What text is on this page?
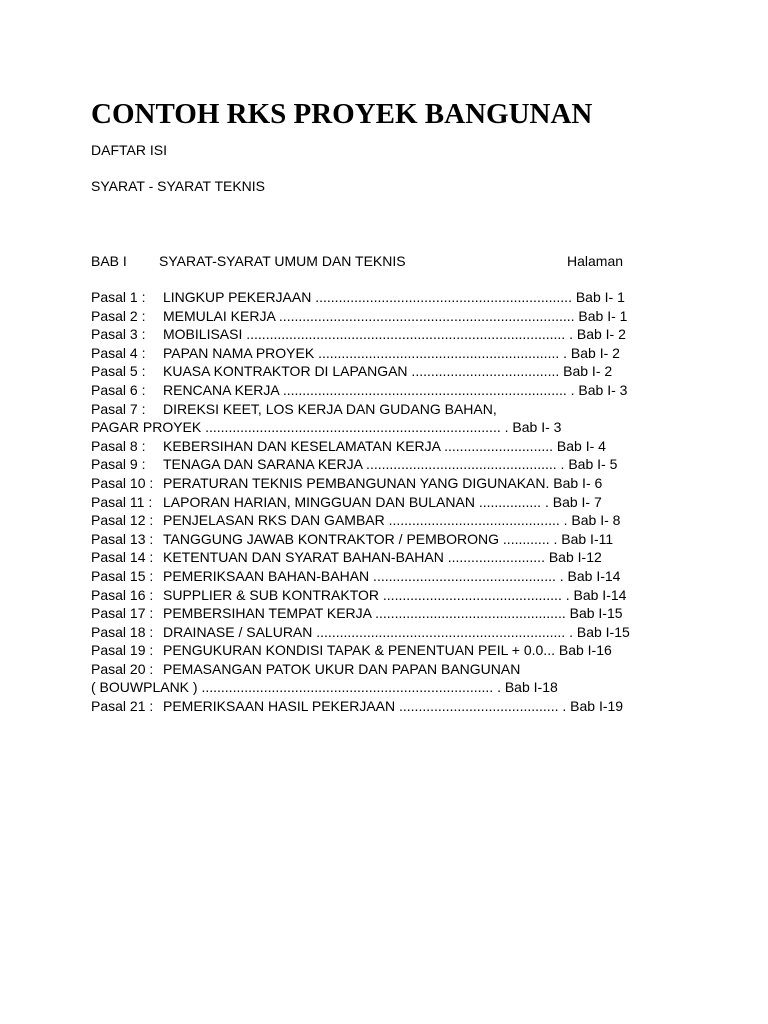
CONTOH RKS PROYEK BANGUNAN
DAFTAR ISI
SYARAT - SYARAT TEKNIS
BAB I SYARAT-SYARAT UMUM DAN TEKNIS	Halaman
Pasal 1 : LINGKUP PEKERJAAN .................................................................. Bab I- 1
Pasal 2 : MEMULAI KERJA ............................................................................ Bab I- 1
Pasal 3 : MOBILISASI .................................................................................. . Bab I- 2
Pasal 4 : PAPAN NAMA PROYEK .............................................................. . Bab I- 2
Pasal 5 : KUASA KONTRAKTOR DI LAPANGAN ...................................... Bab I- 2
Pasal 6 : RENCANA KERJA ......................................................................... . Bab I- 3
Pasal 7 : DIREKSI KEET, LOS KERJA DAN GUDANG BAHAN,
PAGAR PROYEK ............................................................................ . Bab I- 3
Pasal 8 : KEBERSIHAN DAN KESELAMATAN KERJA ............................ Bab I- 4
Pasal 9 : TENAGA DAN SARANA KERJA ................................................. . Bab I- 5
Pasal 10 : PERATURAN TEKNIS PEMBANGUNAN YANG DIGUNAKAN. Bab I- 6
Pasal 11 : LAPORAN HARIAN, MINGGUAN DAN BULANAN ................ . Bab I- 7
Pasal 12 : PENJELASAN RKS DAN GAMBAR ............................................ . Bab I- 8
Pasal 13 : TANGGUNG JAWAB KONTRAKTOR / PEMBORONG ............ . Bab I-11
Pasal 14 : KETENTUAN DAN SYARAT BAHAN-BAHAN ......................... Bab I-12
Pasal 15 : PEMERIKSAAN BAHAN-BAHAN ............................................... . Bab I-14
Pasal 16 : SUPPLIER & SUB KONTRAKTOR .............................................. . Bab I-14
Pasal 17 : PEMBERSIHAN TEMPAT KERJA ................................................. Bab I-15
Pasal 18 : DRAINASE / SALURAN ................................................................ . Bab I-15
Pasal 19 : PENGUKURAN KONDISI TAPAK & PENENTUAN PEIL + 0.0... Bab I-16
Pasal 20 : PEMASANGAN PATOK UKUR DAN PAPAN BANGUNAN
( BOUWPLANK ) ........................................................................... . Bab I-18
Pasal 21 : PEMERIKSAAN HASIL PEKERJAAN ......................................... . Bab I-19
